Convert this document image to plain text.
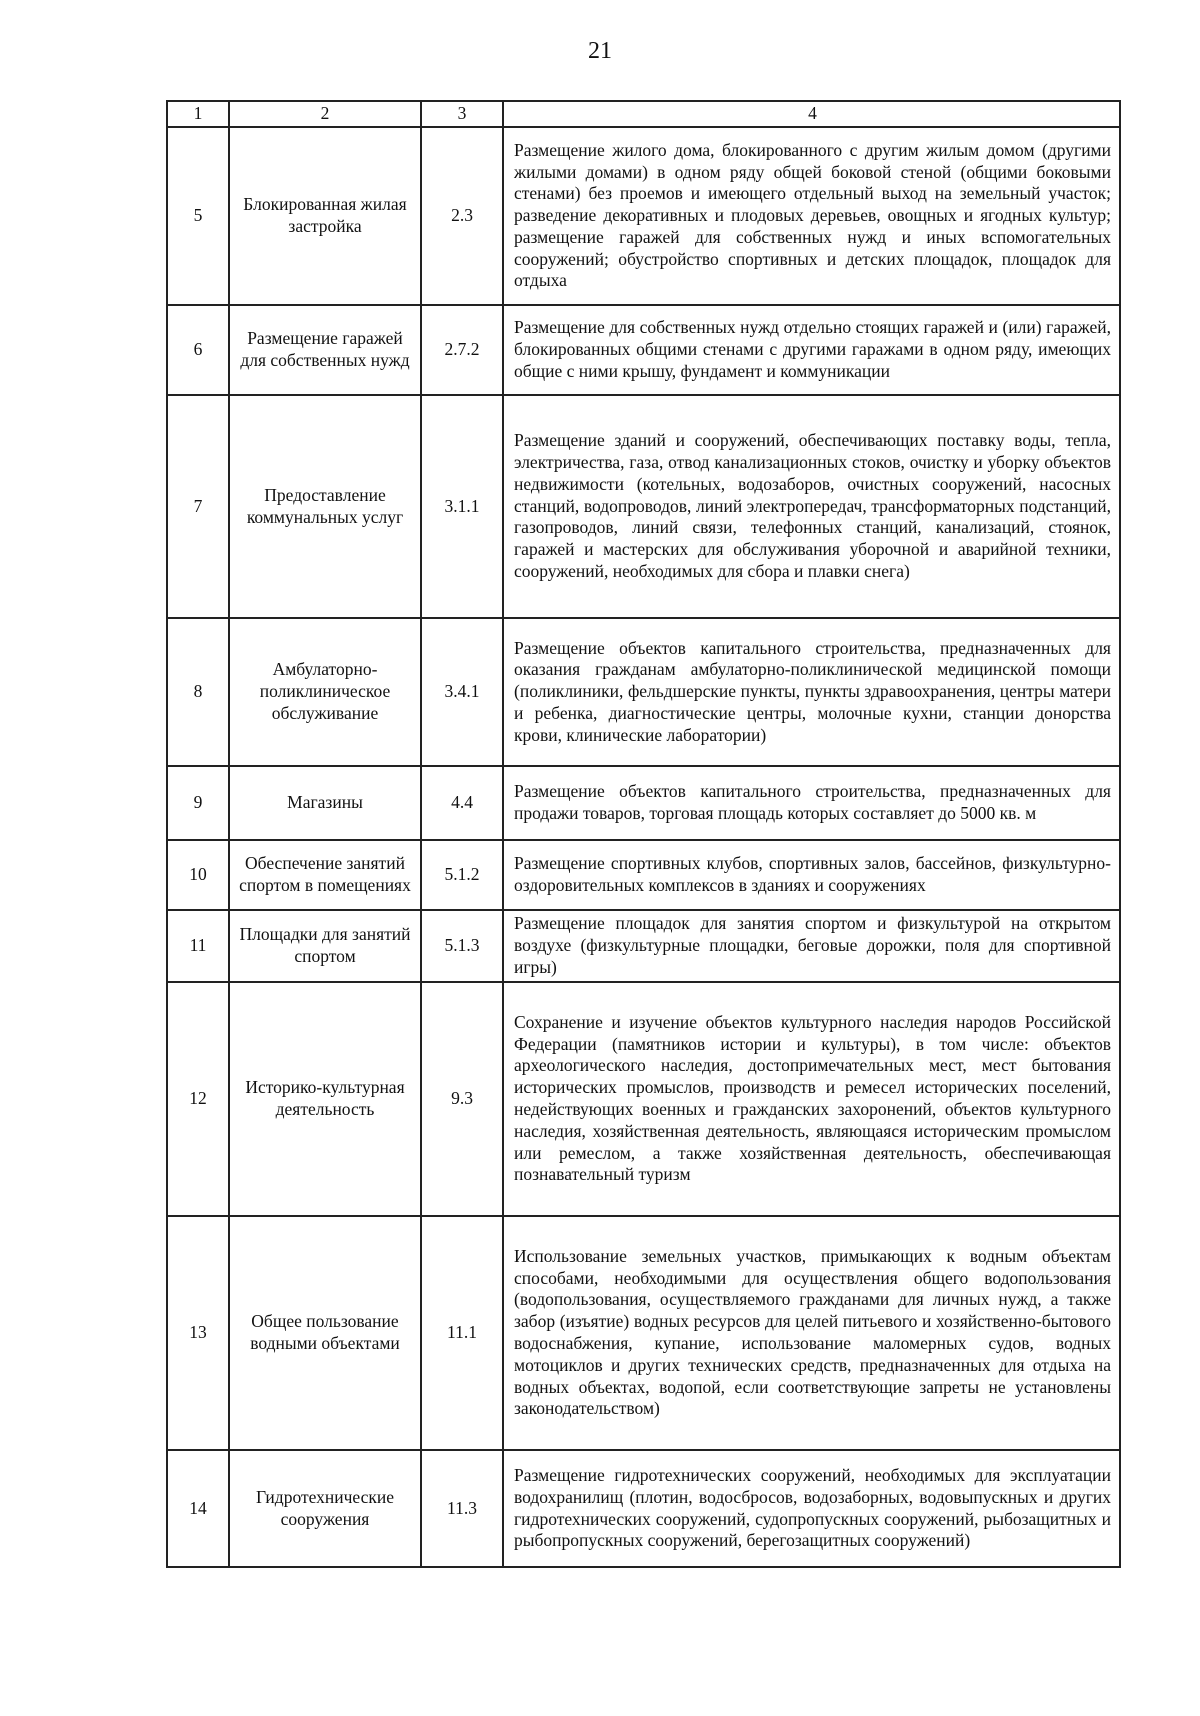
21
1	2	3	4
5	Блокированная жилая застройка	2.3	Размещение жилого дома, блокированного с другим жилым домом (другими жилыми домами) в одном ряду общей боковой стеной (общими боковыми стенами) без проемов и имеющего отдельный выход на земельный участок; разведение декоративных и плодовых деревьев, овощных и ягодных культур; размещение гаражей для собственных нужд и иных вспомогательных сооружений; обустройство спортивных и детских площадок, площадок для отдыха
6	Размещение гаражей для собственных нужд	2.7.2	Размещение для собственных нужд отдельно стоящих гаражей и (или) гаражей, блокированных общими стенами с другими гаражами в одном ряду, имеющих общие с ними крышу, фундамент и коммуникации
7	Предоставление коммунальных услуг	3.1.1	Размещение зданий и сооружений, обеспечивающих поставку воды, тепла, электричества, газа, отвод канализационных стоков, очистку и уборку объектов недвижимости (котельных, водозаборов, очистных сооружений, насосных станций, водопроводов, линий электропередач, трансформаторных подстанций, газопроводов, линий связи, телефонных станций, канализаций, стоянок, гаражей и мастерских для обслуживания уборочной и аварийной техники, сооружений, необходимых для сбора и плавки снега)
8	Амбулаторно-поликлиническое обслуживание	3.4.1	Размещение объектов капитального строительства, предназначенных для оказания гражданам амбулаторно-поликлинической медицинской помощи (поликлиники, фельдшерские пункты, пункты здравоохранения, центры матери и ребенка, диагностические центры, молочные кухни, станции донорства крови, клинические лаборатории)
9	Магазины	4.4	Размещение объектов капитального строительства, предназначенных для продажи товаров, торговая площадь которых составляет до 5000 кв. м
10	Обеспечение занятий спортом в помещениях	5.1.2	Размещение спортивных клубов, спортивных залов, бассейнов, физкультурно-оздоровительных комплексов в зданиях и сооружениях
11	Площадки для занятий спортом	5.1.3	Размещение площадок для занятия спортом и физкультурой на открытом воздухе (физкультурные площадки, беговые дорожки, поля для спортивной игры)
12	Историко-культурная деятельность	9.3	Сохранение и изучение объектов культурного наследия народов Российской Федерации (памятников истории и культуры), в том числе: объектов археологического наследия, достопримечательных мест, мест бытования исторических промыслов, производств и ремесел исторических поселений, недействующих военных и гражданских захоронений, объектов культурного наследия, хозяйственная деятельность, являющаяся историческим промыслом или ремеслом, а также хозяйственная деятельность, обеспечивающая познавательный туризм
13	Общее пользование водными объектами	11.1	Использование земельных участков, примыкающих к водным объектам способами, необходимыми для осуществления общего водопользования (водопользования, осуществляемого гражданами для личных нужд, а также забор (изъятие) водных ресурсов для целей питьевого и хозяйственно-бытового водоснабжения, купание, использование маломерных судов, водных мотоциклов и других технических средств, предназначенных для отдыха на водных объектах, водопой, если соответствующие запреты не установлены законодательством)
14	Гидротехнические сооружения	11.3	Размещение гидротехнических сооружений, необходимых для эксплуатации водохранилищ (плотин, водосбросов, водозаборных, водовыпускных и других гидротехнических сооружений, судопропускных сооружений, рыбозащитных и рыбопропускных сооружений, берегозащитных сооружений)
